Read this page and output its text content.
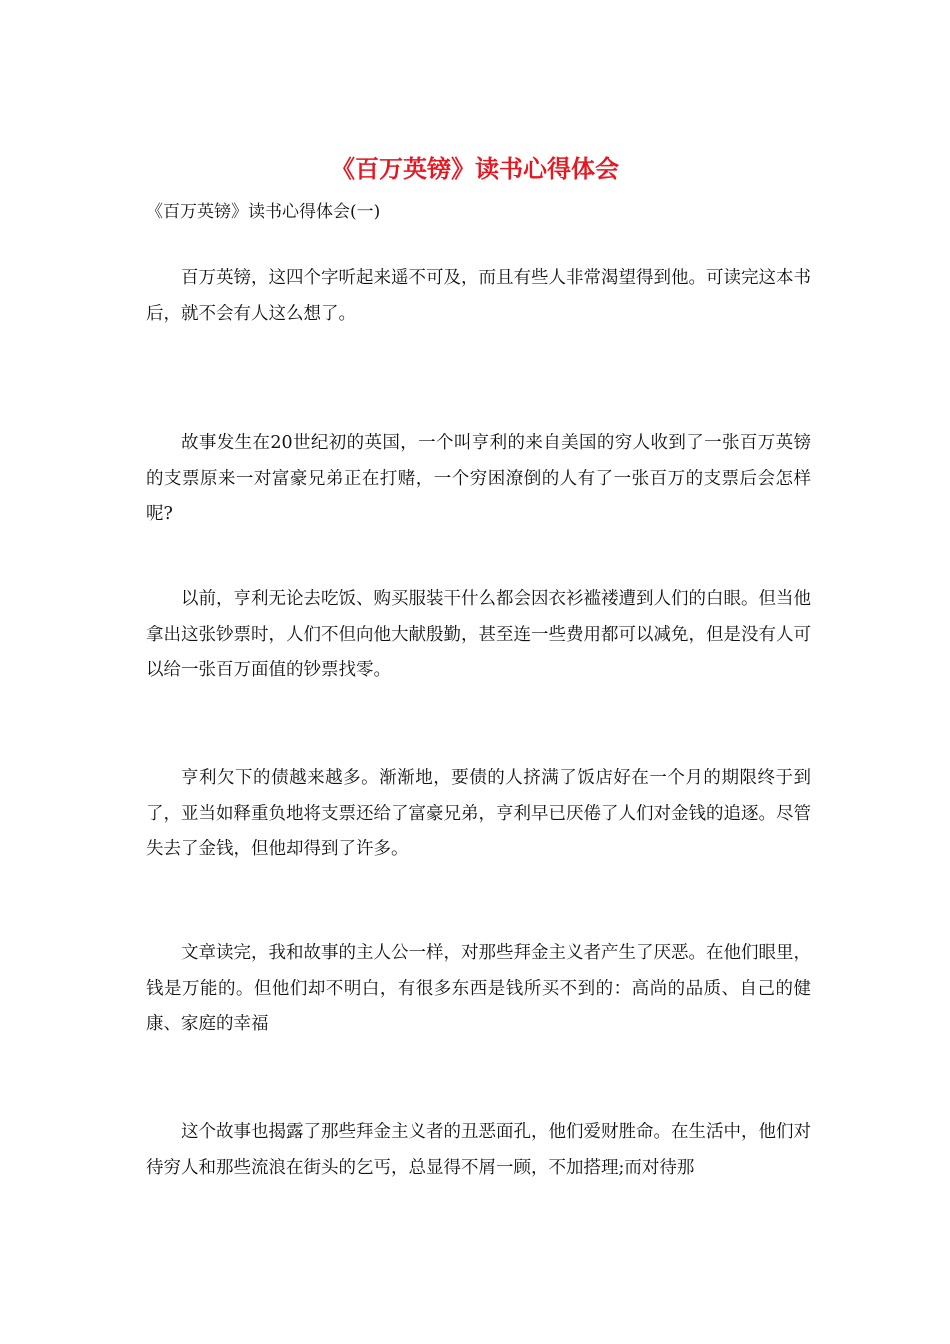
《百万英镑》读书心得体会

《百万英镑》读书心得体会(一)

百万英镑，这四个字听起来遥不可及，而且有些人非常渴望得到他。可读完这本书后，就不会有人这么想了。

故事发生在20世纪初的英国，一个叫亨利的来自美国的穷人收到了一张百万英镑的支票原来一对富豪兄弟正在打赌，一个穷困潦倒的人有了一张百万的支票后会怎样呢?

以前，亨利无论去吃饭、购买服装干什么都会因衣衫褴褛遭到人们的白眼。但当他拿出这张钞票时，人们不但向他大献殷勤，甚至连一些费用都可以减免，但是没有人可以给一张百万面值的钞票找零。

亨利欠下的债越来越多。渐渐地，要债的人挤满了饭店好在一个月的期限终于到了，亚当如释重负地将支票还给了富豪兄弟，亨利早已厌倦了人们对金钱的追逐。尽管失去了金钱，但他却得到了许多。

文章读完，我和故事的主人公一样，对那些拜金主义者产生了厌恶。在他们眼里，钱是万能的。但他们却不明白，有很多东西是钱所买不到的：高尚的品质、自己的健康、家庭的幸福

这个故事也揭露了那些拜金主义者的丑恶面孔，他们爱财胜命。在生活中，他们对待穷人和那些流浪在街头的乞丐，总显得不屑一顾，不加搭理;而对待那
